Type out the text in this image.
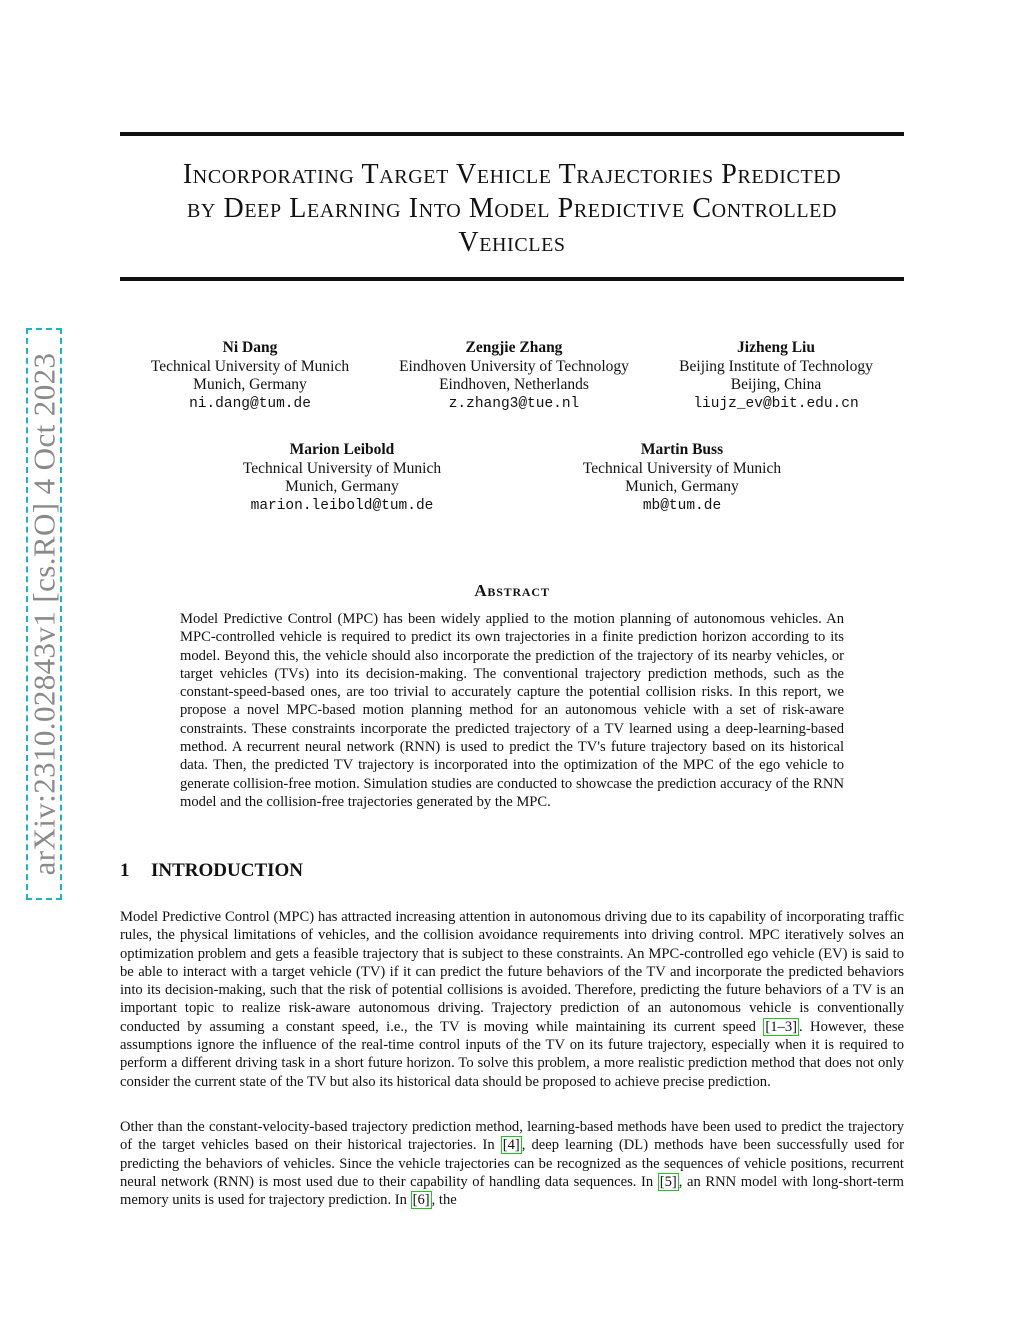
Incorporating Target Vehicle Trajectories Predicted
by Deep Learning Into Model Predictive Controlled
Vehicles
arXiv:2310.02843v1 [cs.RO] 4 Oct 2023
Ni Dang
Technical University of Munich
Munich, Germany
ni.dang@tum.de
Zengjie Zhang
Eindhoven University of Technology
Eindhoven, Netherlands
z.zhang3@tue.nl
Jizheng Liu
Beijing Institute of Technology
Beijing, China
liujz_ev@bit.edu.cn
Marion Leibold
Technical University of Munich
Munich, Germany
marion.leibold@tum.de
Martin Buss
Technical University of Munich
Munich, Germany
mb@tum.de
Abstract

Model Predictive Control (MPC) has been widely applied to the motion planning of autonomous vehicles. An MPC-controlled vehicle is required to predict its own trajectories in a finite prediction horizon according to its model. Beyond this, the vehicle should also incorporate the prediction of the trajectory of its nearby vehicles, or target vehicles (TVs) into its decision-making. The conventional trajectory prediction methods, such as the constant-speed-based ones, are too trivial to accurately capture the potential collision risks. In this report, we propose a novel MPC-based motion planning method for an autonomous vehicle with a set of risk-aware constraints. These constraints incorporate the predicted trajectory of a TV learned using a deep-learning-based method. A recurrent neural network (RNN) is used to predict the TV's future trajectory based on its historical data. Then, the predicted TV trajectory is incorporated into the optimization of the MPC of the ego vehicle to generate collision-free motion. Simulation studies are conducted to showcase the prediction accuracy of the RNN model and the collision-free trajectories generated by the MPC.

1 INTRODUCTION

Model Predictive Control (MPC) has attracted increasing attention in autonomous driving due to its capability of incorporating traffic rules, the physical limitations of vehicles, and the collision avoidance requirements into driving control. MPC iteratively solves an optimization problem and gets a feasible trajectory that is subject to these constraints. An MPC-controlled ego vehicle (EV) is said to be able to interact with a target vehicle (TV) if it can predict the future behaviors of the TV and incorporate the predicted behaviors into its decision-making, such that the risk of potential collisions is avoided. Therefore, predicting the future behaviors of a TV is an important topic to realize risk-aware autonomous driving. Trajectory prediction of an autonomous vehicle is conventionally conducted by assuming a constant speed, i.e., the TV is moving while maintaining its current speed [1–3] . However, these assumptions ignore the influence of the real-time control inputs of the TV on its future trajectory, especially when it is required to perform a different driving task in a short future horizon. To solve this problem, a more realistic prediction method that does not only consider the current state of the TV but also its historical data should be proposed to achieve precise prediction.

Other than the constant-velocity-based trajectory prediction method, learning-based methods have been used to predict the trajectory of the target vehicles based on their historical trajectories. In [4] , deep learning (DL) methods have been successfully used for predicting the behaviors of vehicles. Since the vehicle trajectories can be recognized as the sequences of vehicle positions, recurrent neural network (RNN) is most used due to their capability of handling data sequences. In [5] , an RNN model with long-short-term memory units is used for trajectory prediction. In [6] , the
